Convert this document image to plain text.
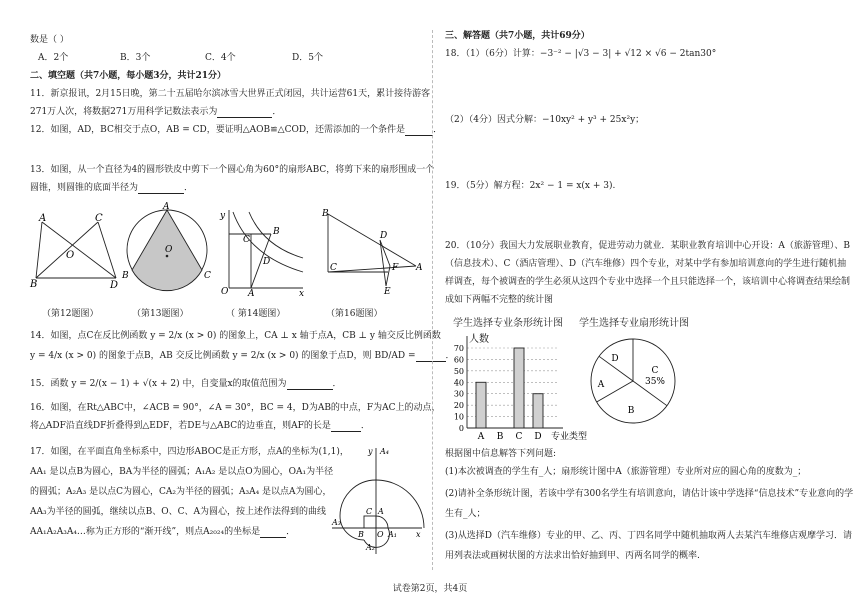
数是（ ）
A．2个	B．3个	C．4个	D．5个
二、填空题（共7小题，每小题3分，共计21分）
11．新京报讯，2月15日晚，第二十五届哈尔滨冰雪大世界正式闭园，共计运营61天，累计接待游客
271万人次，将数据271万用科学记数法表示为	．
12．如图，AD，BC相交于点O，AB = CD，要证明△AOB≌△COD，还需添加的一个条件是	．
13．如图，从一个直径为4的圆形铁皮中剪下一个圆心角为60°的扇形ABC，将剪下来的扇形围成一个
圆锥，则圆锥的底面半径为	．
A	C
O
B	D
（第12题图）
A
O
B	C
（第13题图）
y
x
O
C
B
D
A
（ 第14题图）
B
C
D
F A
E
（第16题图）
14．如图，点C在反比例函数 y = 2/x (x > 0) 的图象上，CA ⊥ x 轴于点A，CB ⊥ y 轴交反比例函数
y = 4/x (x > 0) 的图象于点B，AB 交反比例函数 y = 2/x (x > 0) 的图象于点D，则 BD/AD =	．
15．函数 y = 2/(x − 1) + √(x + 2) 中，自变量x的取值范围为	．
16．如图，在Rt△ABC中，∠ACB = 90°，∠A = 30°，BC = 4，D为AB的中点，F为AC上的动点，
将△ADF沿直线DF折叠得到△EDF，若DE与△ABC的边垂直，则AF的长是	．
17．如图，在平面直角坐标系中，四边形ABOC是正方形，点A的坐标为(1,1)，
AA₁ 是以点B为圆心，BA为半径的圆弧；A₁A₂ 是以点O为圆心，OA₁为半径
的圆弧；A₂A₃ 是以点C为圆心，CA₂为半径的圆弧；A₃A₄ 是以点A为圆心，
AA₃为半径的圆弧，继续以点B、O、C、A为圆心，按上述作法得到的曲线
AA₁A₂A₃A₄…称为正方形的“渐开线”，则点A₂₀₂₄的坐标是	．
y A₄
C A
B O A₁
A₃
A₂
x
三、解答题（共7小题，共计69分）
18．（1）（6分）计算：−3⁻² − |√3 − 3| + √12 × √6 − 2tan30°
（2）（4分）因式分解：−10xy² + y³ + 25x²y；
19．（5分）解方程：2x² − 1 = x(x + 3).
20．（10分）我国大力发展职业教育，促进劳动力就业．某职业教育培训中心开设：A（旅游管理）、B
（信息技术）、C（酒店管理）、D（汽车维修）四个专业，对某中学有参加培训意向的学生进行随机抽
样调查，每个被调查的学生必须从这四个专业中选择一个且只能选择一个，该培训中心将调查结果绘制
成如下两幅不完整的统计图
学生选择专业条形统计图
0
10
20
30
40
50
60
70
人数
A B C D 专业类型
学生选择专业扇形统计图
C
35%
B
A
D
根据图中信息解答下列问题:
(1)本次被调查的学生有_人；扇形统计图中A（旅游管理）专业所对应的圆心角的度数为_；
(2)请补全条形统计图，若该中学有300名学生有培训意向，请估计该中学选择“信息技术”专业意向的学
生有_人；
(3)从选择D（汽车维修）专业的甲、乙、丙、丁四名同学中随机抽取两人去某汽车维修店观摩学习．请
用列表法或画树状图的方法求出恰好抽到甲、丙两名同学的概率.
试卷第2页，共4页
